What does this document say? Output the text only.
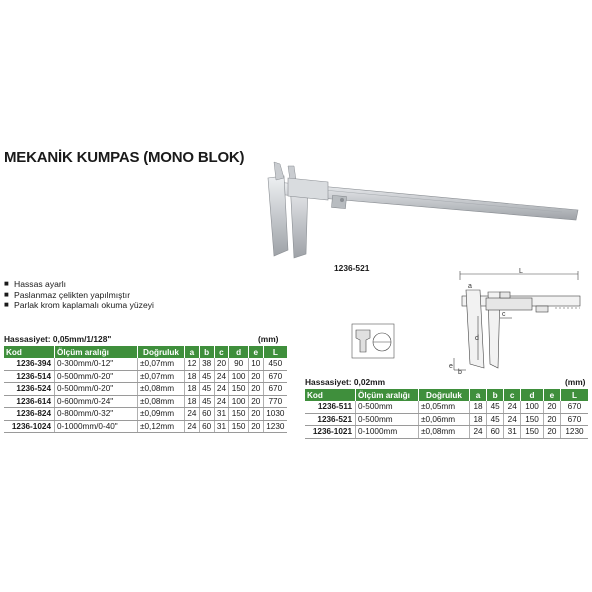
MEKANİK KUMPAS (MONO BLOK)
1236-521	L
d
e
b
c
a
■ Hassas ayarlı
■ Paslanmaz çelikten yapılmıştır
■ Parlak krom kaplamalı okuma yüzeyi
Hassasiyet: 0,05mm/1/128"	(mm)
Kod	Ölçüm aralığı	Doğruluk	a	b	c	d	e	L
1236-394	0-300mm/0-12"	±0,07mm	12	38	20	90	10	450
1236-514	0-500mm/0-20"	±0,07mm	18	45	24	100	20	670
1236-524	0-500mm/0-20"	±0,08mm	18	45	24	150	20	670
1236-614	0-600mm/0-24"	±0,08mm	18	45	24	100	20	770
1236-824	0-800mm/0-32"	±0,09mm	24	60	31	150	20	1030
1236-1024	0-1000mm/0-40"	±0,12mm	24	60	31	150	20	1230
Hassasiyet: 0,02mm	(mm)
Kod	Ölçüm aralığı	Doğruluk	a	b	c	d	e	L
1236-511	0-500mm	±0,05mm	18	45	24	100	20	670
1236-521	0-500mm	±0,06mm	18	45	24	150	20	670
1236-1021	0-1000mm	±0,08mm	24	60	31	150	20	1230
